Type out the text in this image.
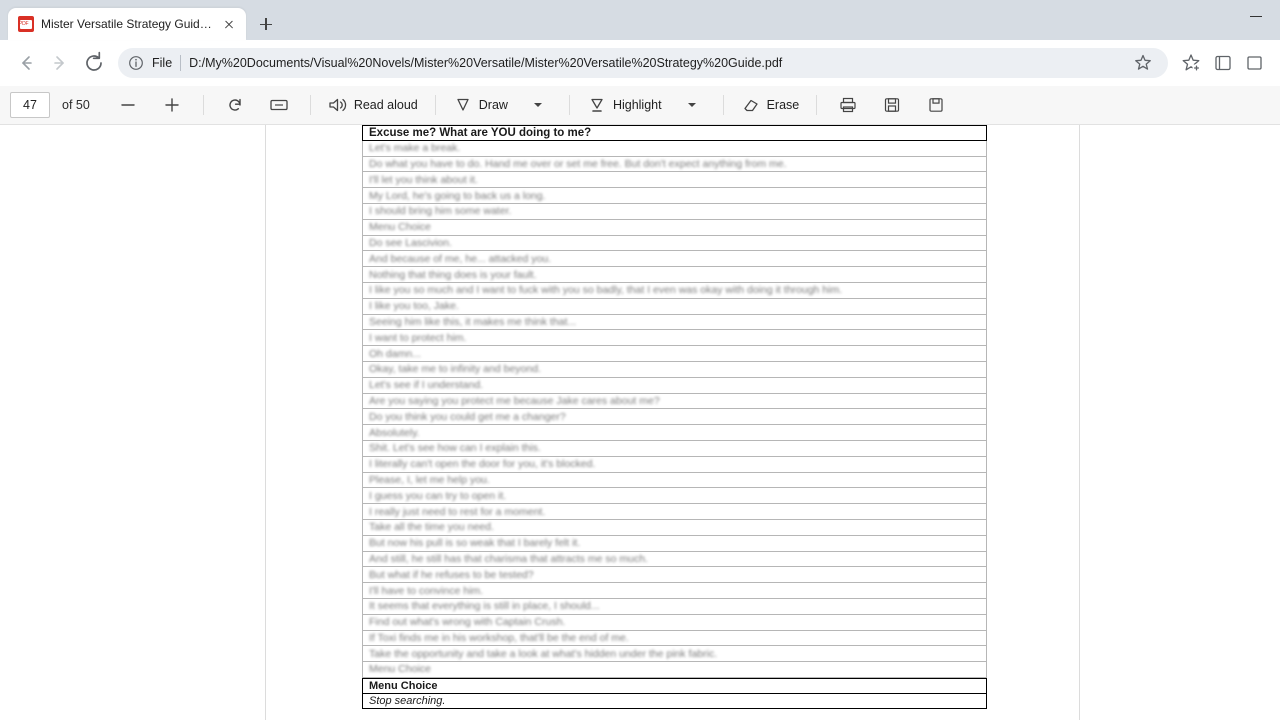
PDF
Mister Versatile Strategy Guide.p
File D:/My%20Documents/Visual%20Novels/Mister%20Versatile/Mister%20Versatile%20Strategy%20Guide.pdf
47	of 50	Read aloud	Draw	Highlight	Erase
Excuse me? What are YOU doing to me?
Let's make a break.
Do what you have to do. Hand me over or set me free. But don't expect anything from me.
I'll let you think about it.
My Lord, he's going to back us a long.
I should bring him some water.
Menu Choice
Do see Lascivion.
And because of me, he... attacked you.
Nothing that thing does is your fault.
I like you so much and I want to fuck with you so badly, that I even was okay with doing it through him.
I like you too, Jake.
Seeing him like this, it makes me think that...
I want to protect him.
Oh damn...
Okay, take me to infinity and beyond.
Let's see if I understand.
Are you saying you protect me because Jake cares about me?
Do you think you could get me a changer?
Absolutely.
Shit. Let's see how can I explain this.
I literally can't open the door for you, it's blocked.
Please, I, let me help you.
I guess you can try to open it.
I really just need to rest for a moment.
Take all the time you need.
But now his pull is so weak that I barely felt it.
And still, he still has that charisma that attracts me so much.
But what if he refuses to be tested?
I'll have to convince him.
It seems that everything is still in place, I should...
Find out what's wrong with Captain Crush.
If Toxi finds me in his workshop, that'll be the end of me.
Take the opportunity and take a look at what's hidden under the pink fabric.
Menu Choice
Menu Choice
Stop searching.
